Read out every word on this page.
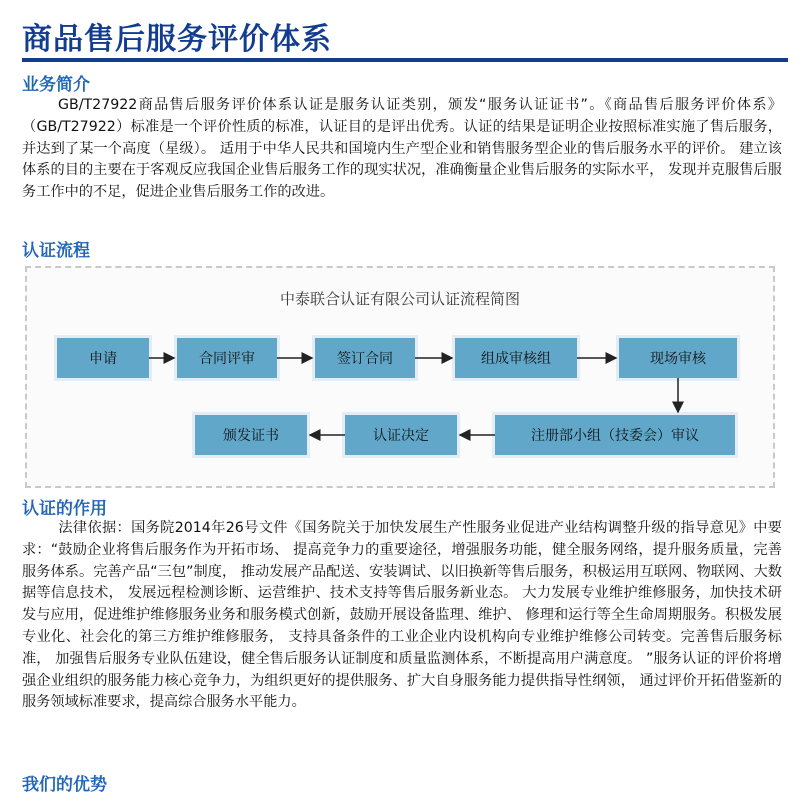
商品售后服务评价体系
业务简介

GB/T27922商品售后服务评价体系认证是服务认证类别，颁发“服务认证证书”。《商品售后服务评价体系》（GB/T27922）标准是一个评价性质的标准，认证目的是评出优秀。认证的结果是证明企业按照标准实施了售后服务，并达到了某一个高度（星级）。 适用于中华人民共和国境内生产型企业和销售服务型企业的售后服务水平的评价。 建立该体系的目的主要在于客观反应我国企业售后服务工作的现实状况，准确衡量企业售后服务的实际水平， 发现并克服售后服务工作中的不足，促进企业售后服务工作的改进。

认证流程
中泰联合认证有限公司认证流程简图
申请	合同评审	签订合同	组成审核组	现场审核
注册部小组（技委会）审议
认证决定
颁发证书
认证的作用

法律依据：国务院2014年26号文件《国务院关于加快发展生产性服务业促进产业结构调整升级的指导意见》中要求：“鼓励企业将售后服务作为开拓市场、 提高竞争力的重要途径，增强服务功能，健全服务网络，提升服务质量，完善服务体系。完善产品“三包”制度， 推动发展产品配送、安装调试、以旧换新等售后服务，积极运用互联网、物联网、大数据等信息技术， 发展远程检测诊断、运营维护、技术支持等售后服务新业态。 大力发展专业维护维修服务，加快技术研发与应用，促进维护维修服务业务和服务模式创新，鼓励开展设备监理、维护、 修理和运行等全生命周期服务。积极发展专业化、社会化的第三方维护维修服务， 支持具备条件的工业企业内设机构向专业维护维修公司转变。完善售后服务标准， 加强售后服务专业队伍建设，健全售后服务认证制度和质量监测体系，不断提高用户满意度。 ”服务认证的评价将增强企业组织的服务能力核心竞争力，为组织更好的提供服务、扩大自身服务能力提供指导性纲领， 通过评价开拓借鉴新的服务领域标准要求，提高综合服务水平能力。

我们的优势
